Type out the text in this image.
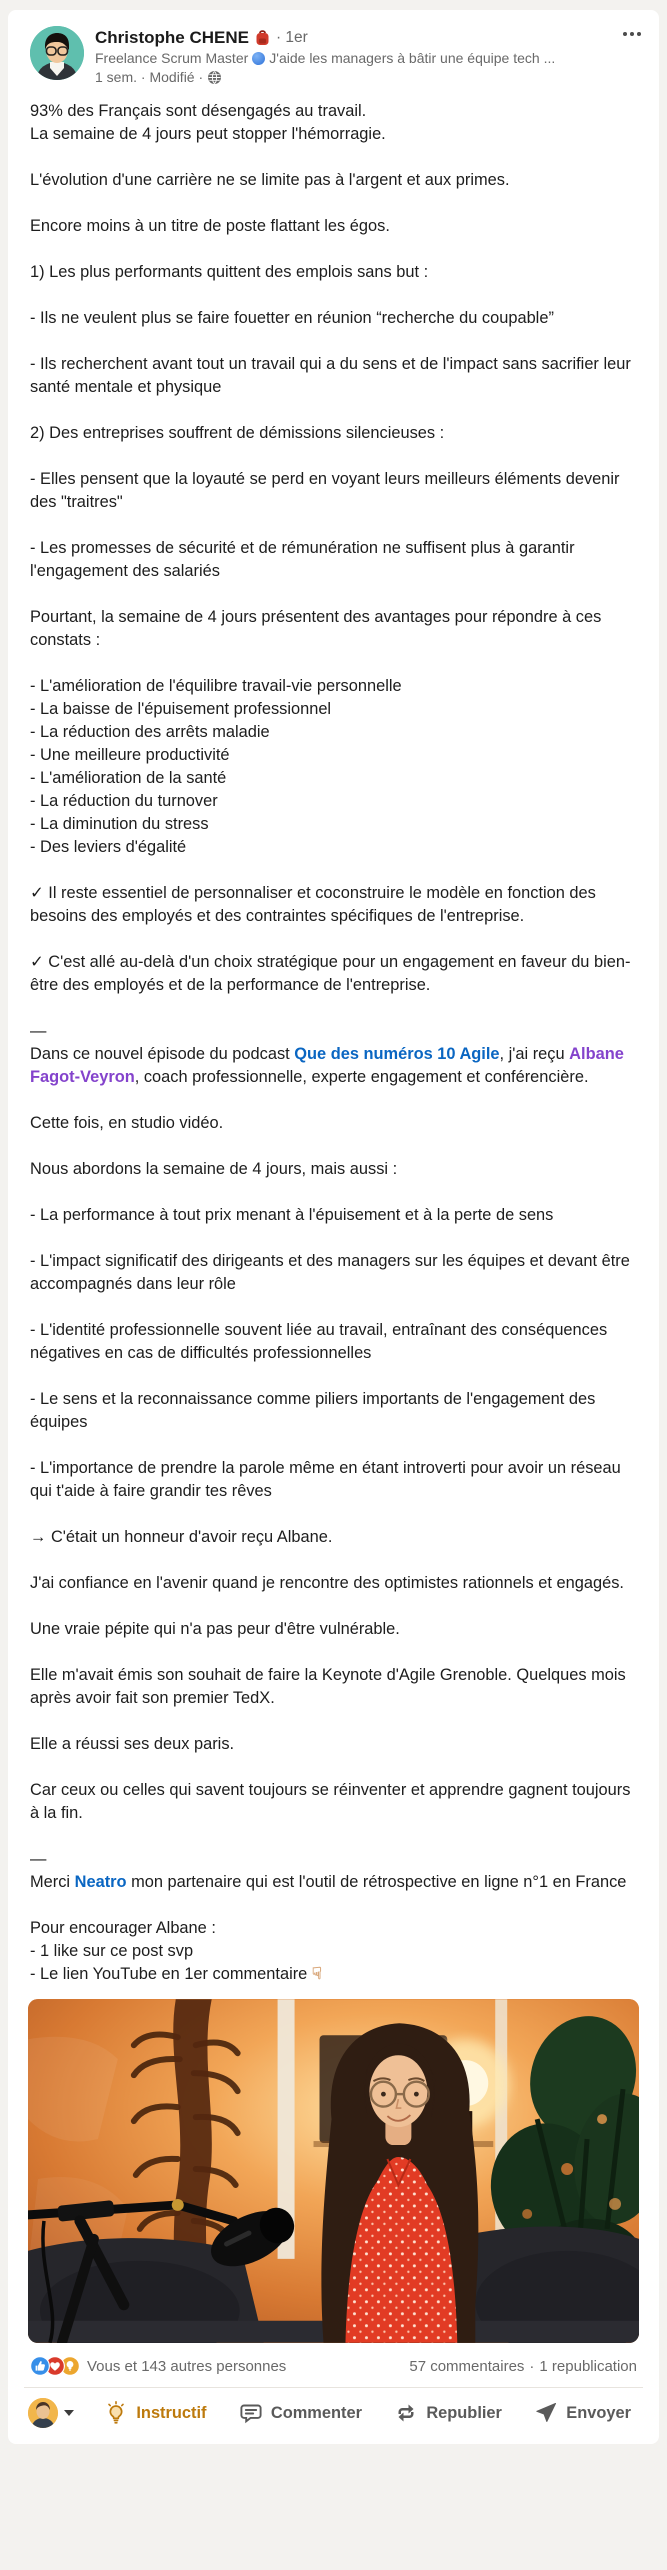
Christophe CHENE · 1er
Freelance Scrum Master J'aide les managers à bâtir une équipe tech ...
1 sem. · Modifié ·
93% des Français sont désengagés au travail.
La semaine de 4 jours peut stopper l'hémorragie.
L'évolution d'une carrière ne se limite pas à l'argent et aux primes.
Encore moins à un titre de poste flattant les égos.
1) Les plus performants quittent des emplois sans but :
- Ils ne veulent plus se faire fouetter en réunion “recherche du coupable”
- Ils recherchent avant tout un travail qui a du sens et de l'impact sans sacrifier leur santé mentale et physique
2) Des entreprises souffrent de démissions silencieuses :
- Elles pensent que la loyauté se perd en voyant leurs meilleurs éléments devenir des "traitres"
- Les promesses de sécurité et de rémunération ne suffisent plus à garantir l'engagement des salariés
Pourtant, la semaine de 4 jours présentent des avantages pour répondre à ces constats :
- L'amélioration de l'équilibre travail-vie personnelle
- La baisse de l'épuisement professionnel
- La réduction des arrêts maladie
- Une meilleure productivité
- L'amélioration de la santé
- La réduction du turnover
- La diminution du stress
- Des leviers d'égalité
✓ Il reste essentiel de personnaliser et coconstruire le modèle en fonction des besoins des employés et des contraintes spécifiques de l'entreprise.
✓ C'est allé au-delà d'un choix stratégique pour un engagement en faveur du bien-être des employés et de la performance de l'entreprise.
—
Dans ce nouvel épisode du podcast Que des numéros 10 Agile, j'ai reçu Albane Fagot-Veyron, coach professionnelle, experte engagement et conférencière.
Cette fois, en studio vidéo.
Nous abordons la semaine de 4 jours, mais aussi :
- La performance à tout prix menant à l'épuisement et à la perte de sens
- L'impact significatif des dirigeants et des managers sur les équipes et devant être accompagnés dans leur rôle
- L'identité professionnelle souvent liée au travail, entraînant des conséquences négatives en cas de difficultés professionnelles
- Le sens et la reconnaissance comme piliers importants de l'engagement des équipes
- L'importance de prendre la parole même en étant introverti pour avoir un réseau qui t'aide à faire grandir tes rêves
→ C'était un honneur d'avoir reçu Albane.
J'ai confiance en l'avenir quand je rencontre des optimistes rationnels et engagés.
Une vraie pépite qui n'a pas peur d'être vulnérable.
Elle m'avait émis son souhait de faire la Keynote d'Agile Grenoble. Quelques mois après avoir fait son premier TedX.
Elle a réussi ses deux paris.
Car ceux ou celles qui savent toujours se réinventer et apprendre gagnent toujours à la fin.
—
Merci Neatro mon partenaire qui est l'outil de rétrospective en ligne n°1 en France
Pour encourager Albane :
- 1 like sur ce post svp
- Le lien YouTube en 1er commentaire ☟
Vous et 143 autres personnes	57 commentaires · 1 republication
Instructif	Commenter	Republier	Envoyer
